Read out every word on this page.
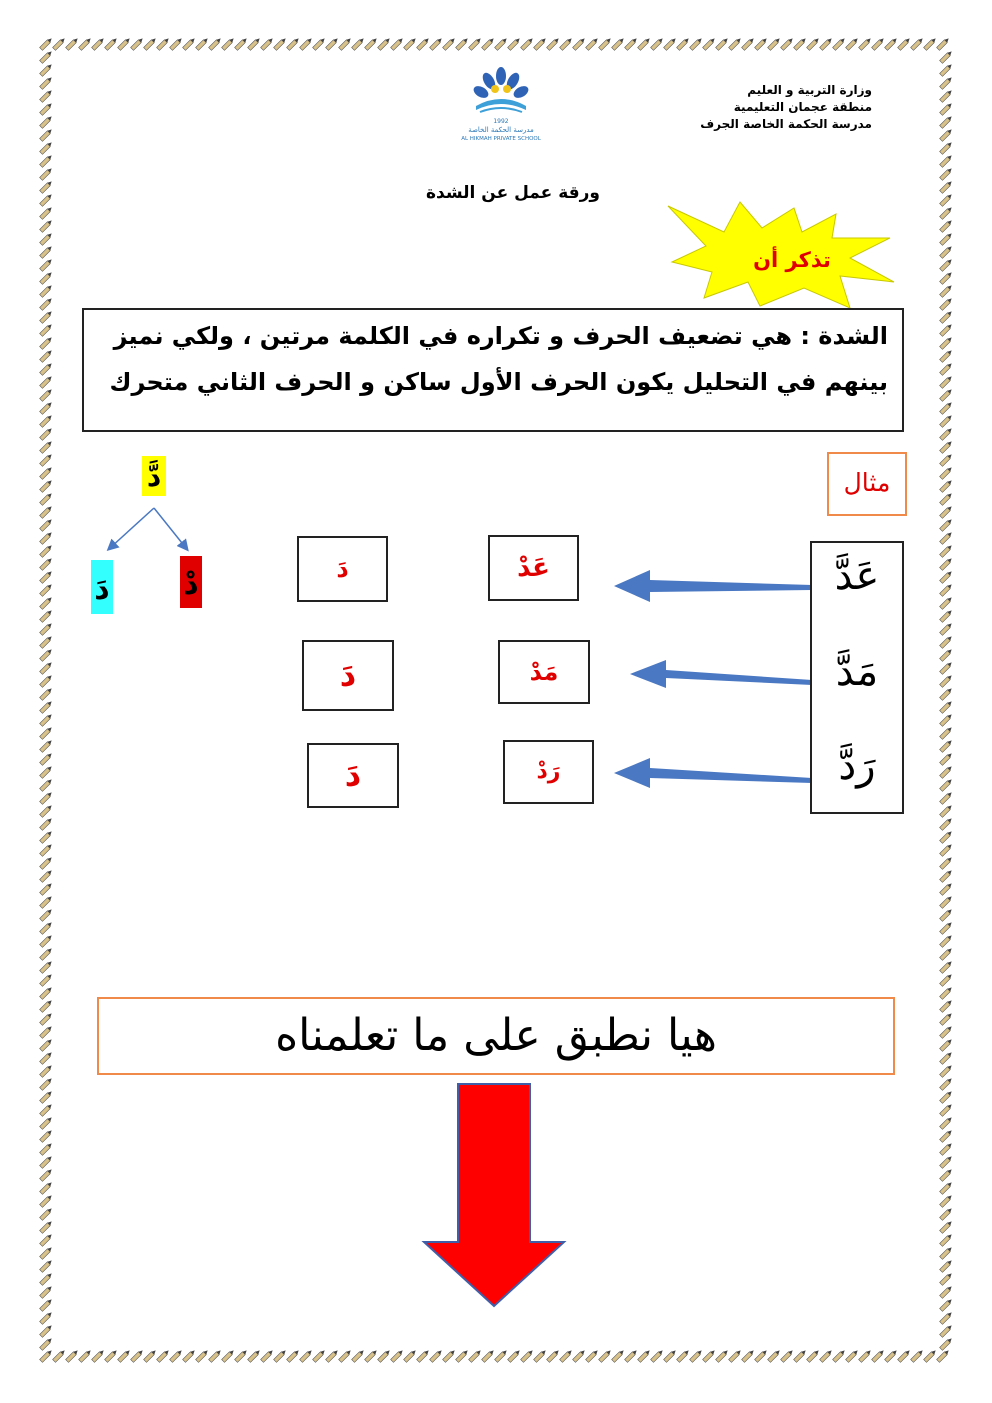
وزارة التربية و العليم
منطقة عجمان التعليمية
مدرسة الحكمة الخاصة الجرف
1992
مدرسة الحكمة الخاصة
AL HIKMAH PRIVATE SCHOOL
ورقة عمل عن الشدة
تذكر أن
الشدة : هي تضعيف الحرف و تكراره في الكلمة مرتين ، ولكي نميز
بينهم في التحليل يكون الحرف الأول ساكن و الحرف الثاني متحرك
مثال
دَّ
دَ دْ	دَ
دَ
دَ
عَدْ
مَدْ
رَدْ
عَدَّ
مَدَّ
رَدَّ
هيا نطبق على ما تعلمناه
